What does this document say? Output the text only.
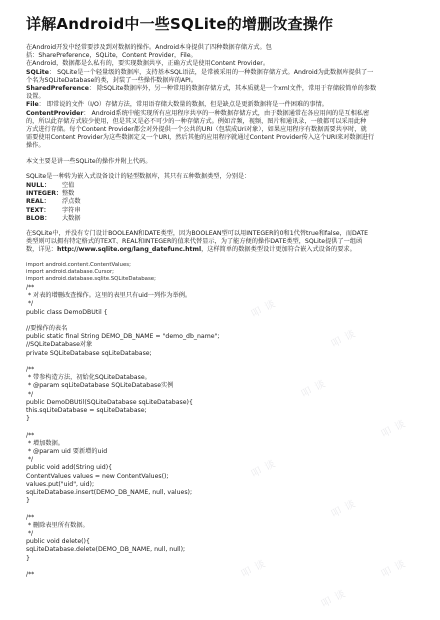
详解Android中一些SQLite的增删改查操作
在Android开发中经常要涉及到对数据的操作。Android本身提供了四种数据存储方式。包
括：SharePreference，SQLite，Content Provider，File。
在Android，数据都是么私有的，要实现数据共享，正确方式是使用Content Provider。
SQLite： SQLite是一个轻量级的数据库，支持基本SQL语法，是常被采用的一种数据存储方式。Android为此数据库提供了一
个名为SQLiteDatabase的类，封装了一些操作数据库的API。
SharedPreference： 除SQLite数据库外，另一种常用的数据存储方式，其本质就是一个xml文件，常用于存储较简单的参数
设置。
File： 即常说的文件（I/O）存储方法，常用语存储大数量的数据，但是缺点是更新数据将是一件困难的事情。
ContentProvider： Android系统中能实现所有应用程序共享的一种数据存储方式，由于数据通常在各应用间的是互相私密
的，所以此存储方式较少使用，但是其又是必不可少的一种存储方式。例如音频，视频，图片和通讯录，一般都可以采用此种
方式进行存储。每个Content Provider都会对外提供一个公共的URI（包装成Uri对象），如果应用程序有数据需要共享时，就
需要使用Content Provider为这些数据定义一个URI，然后其他的应用程序就通过Content Provider传入这个URI来对数据进行
操作。
本文主要是讲一些SQLite的操作并附上代码。
SQLite是一种转为嵌入式设备设计的轻型数据库，其只有五种数据类型，分别是：
NULL：	空值
INTEGER： 整数
REAL：	浮点数
TEXT：	字符串
BLOB：	大数据
在SQLite中，并没有专门设计BOOLEAN和DATE类型，因为BOOLEAN型可以用INTEGER的0和1代替true和false，而DATE
类型则可以拥有特定格式的TEXT、REAL和INTEGER的值来代替显示，为了能方便的操作DATE类型，SQLite提供了一组函
数，详见：http://www.sqlite.org/lang_datefunc.html，这样简单的数据类型设计更加符合嵌入式设备的要求。
import android.content.ContentValues;
import android.database.Cursor;
import android.database.sqlite.SQLiteDatabase;
/**
* 对表的增删改查操作。这里的表里只有uid一列作为举例。
*/
public class DemoDBUtil {
//要操作的表名
public static final String DEMO_DB_NAME = "demo_db_name";
//SQLiteDatabase对象
private SQLiteDatabase sqLiteDatabase;
/**
* 带参构造方法，初始化SQLiteDatabase。
* @param sqLiteDatabase SQLiteDatabase实例
*/
public DemoDBUtil(SQLiteDatabase sqLiteDatabase){
this.sqLiteDatabase = sqLiteDatabase;
}
/**
* 增加数据。
* @param uid 要新增的uid
*/
public void add(String uid){
ContentValues values = new ContentValues();
values.put("uid", uid);
sqLiteDatabase.insert(DEMO_DB_NAME, null, values);
}
/**
* 删除表里所有数据。
*/
public void delete(){
sqLiteDatabase.delete(DEMO_DB_NAME, null, null);
}
/**
叩 谈
叩 谈
叩 谈
叩 谈
叩 谈
叩 谈
叩 谈
叩 谈
叩 谈
